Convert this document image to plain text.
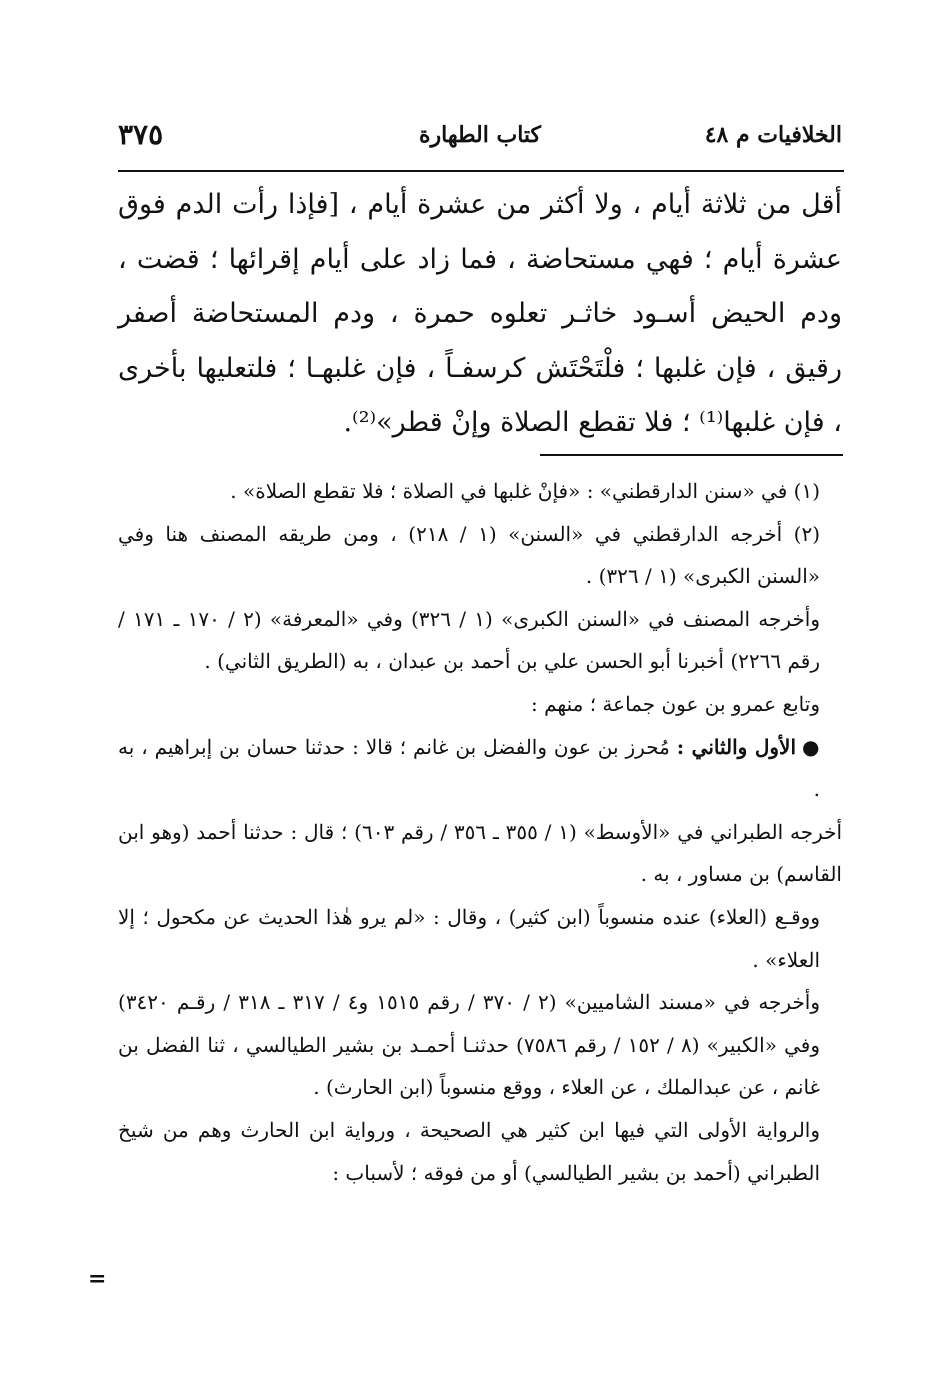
الخلافيات م ٤٨
كتاب الطهارة
٣٧٥

أقل من ثلاثة أيام ، ولا أكثر من عشرة أيام ، [فإذا رأت الدم فوق عشرة أيام ؛ فهي مستحاضة ، فما زاد على أيام إقرائها ؛ قضت ، ودم الحيض أسـود خاثـر تعلوه حمرة ، ودم المستحاضة أصفر رقيق ، فإن غلبها ؛ فلْتَحْتَش كرسفـاً ، فإن غلبهـا ؛ فلتعليها بأخرى ، فإن غلبها⁽¹⁾ ؛ فلا تقطع الصلاة وإنْ قطر»⁽²⁾.

(١) في «سنن الدارقطني» : «فإنْ غلبها في الصلاة ؛ فلا تقطع الصلاة» .

(٢) أخرجه الدارقطني في «السنن» (١ / ٢١٨) ، ومن طريقه المصنف هنا وفي «السنن الكبرى» (١ / ٣٢٦) .

وأخرجه المصنف في «السنن الكبرى» (١ / ٣٢٦) وفي «المعرفة» (٢ / ١٧٠ ـ ١٧١ / رقم ٢٢٦٦) أخبرنا أبو الحسن علي بن أحمد بن عبدان ، به (الطريق الثاني) .

وتابع عمرو بن عون جماعة ؛ منهم :

●الأول والثاني : مُحرز بن عون والفضل بن غانم ؛ قالا : حدثنا حسان بن إبراهيم ، به .

أخرجه الطبراني في «الأوسط» (١ / ٣٥٥ ـ ٣٥٦ / رقم ٦٠٣) ؛ قال : حدثنا أحمد (وهو ابن القاسم) بن مساور ، به .

ووقـع (العلاء) عنده منسوباً (ابن كثير) ، وقال : «لم يرو هٰذا الحديث عن مكحول ؛ إلا العلاء» .

وأخرجه في «مسند الشاميين» (٢ / ٣٧٠ / رقم ١٥١٥ و٤ / ٣١٧ ـ ٣١٨ / رقـم ٣٤٢٠) وفي «الكبير» (٨ / ١٥٢ / رقم ٧٥٨٦) حدثنـا أحمـد بن بشير الطيالسي ، ثنا الفضل بن غانم ، عن عبدالملك ، عن العلاء ، ووقع منسوباً (ابن الحارث) .

والرواية الأولى التي فيها ابن كثير هي الصحيحة ، ورواية ابن الحارث وهم من شيخ الطبراني (أحمد بن بشير الطيالسي) أو من فوقه ؛ لأسباب :

=
